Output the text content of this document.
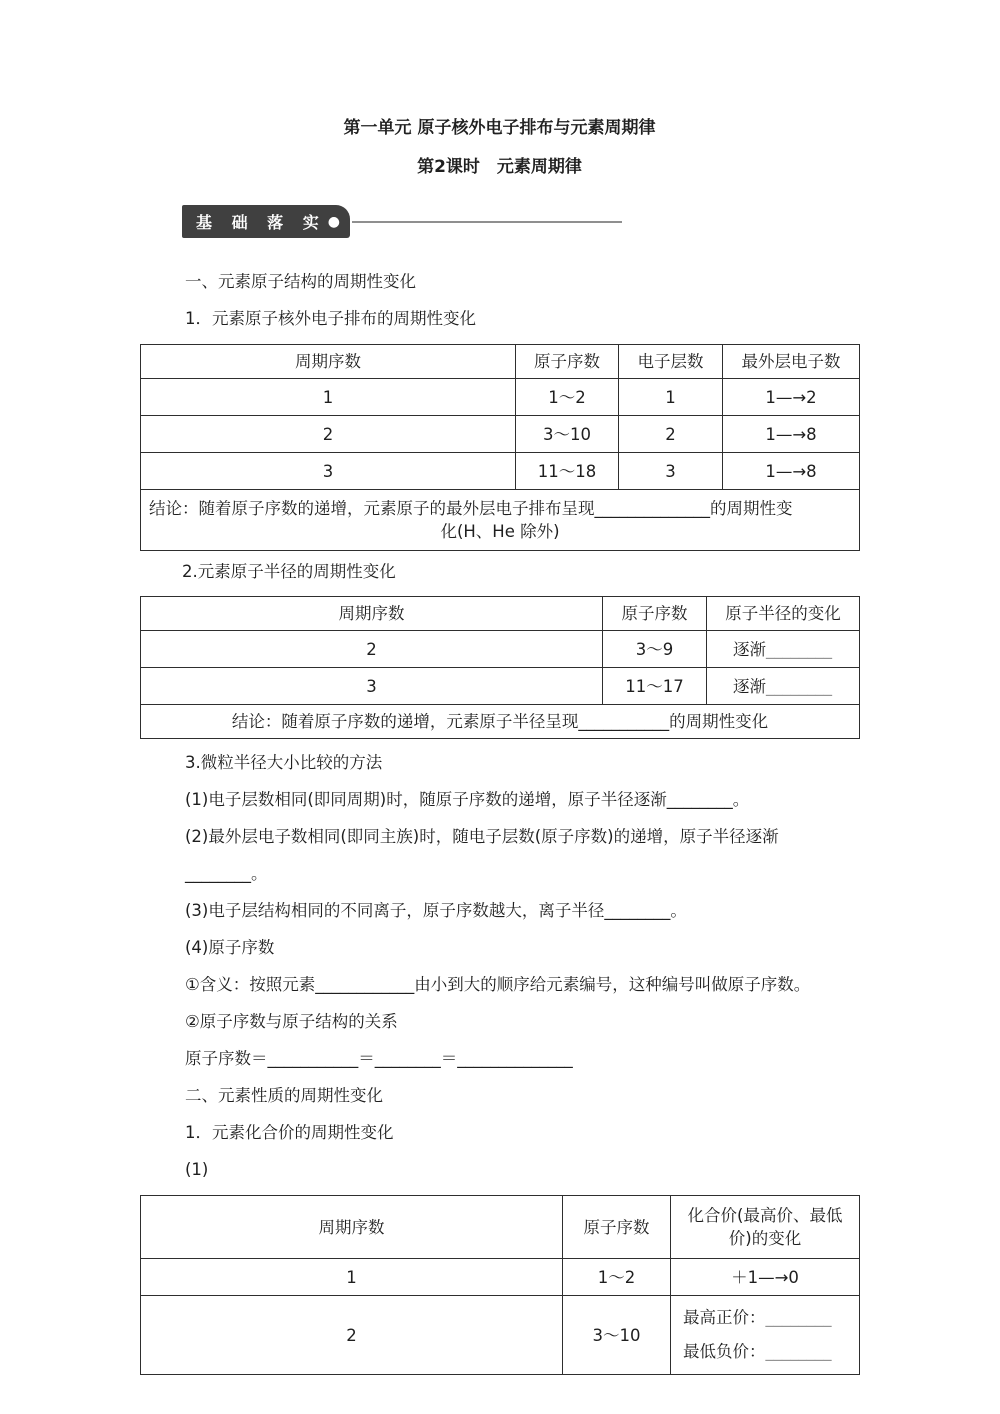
第一单元 原子核外电子排布与元素周期律
第2课时　元素周期律
基 础 落 实 ●

一、元素原子结构的周期性变化

1．元素原子核外电子排布的周期性变化

周期序数	原子序数	电子层数	最外层电子数
1	1～2	1	1—→2
2	3～10	2	1—→8
3	11～18	3	1—→8

结论：随着原子序数的递增，元素原子的最外层电子排布呈现______________的周期性变
化(H、He 除外)			

2.元素原子半径的周期性变化

周期序数	原子序数	原子半径的变化
2	3～9	逐渐________
3	11～17	逐渐________
结论：随着原子序数的递增，元素原子半径呈现___________的周期性变化		

3.微粒半径大小比较的方法

(1)电子层数相同(即同周期)时，随原子序数的递增，原子半径逐渐________。

(2)最外层电子数相同(即同主族)时，随电子层数(原子序数)的递增，原子半径逐渐

________。

(3)电子层结构相同的不同离子，原子序数越大，离子半径________。

(4)原子序数

①含义：按照元素____________由小到大的顺序给元素编号，这种编号叫做原子序数。

②原子序数与原子结构的关系

原子序数＝___________＝________＝______________

二、元素性质的周期性变化

1．元素化合价的周期性变化

(1)

周期序数	原子序数	化合价(最高价、最低价)的变化
1	1～2	＋1—→0
2	3～10	最高正价：________
最低负价：________
